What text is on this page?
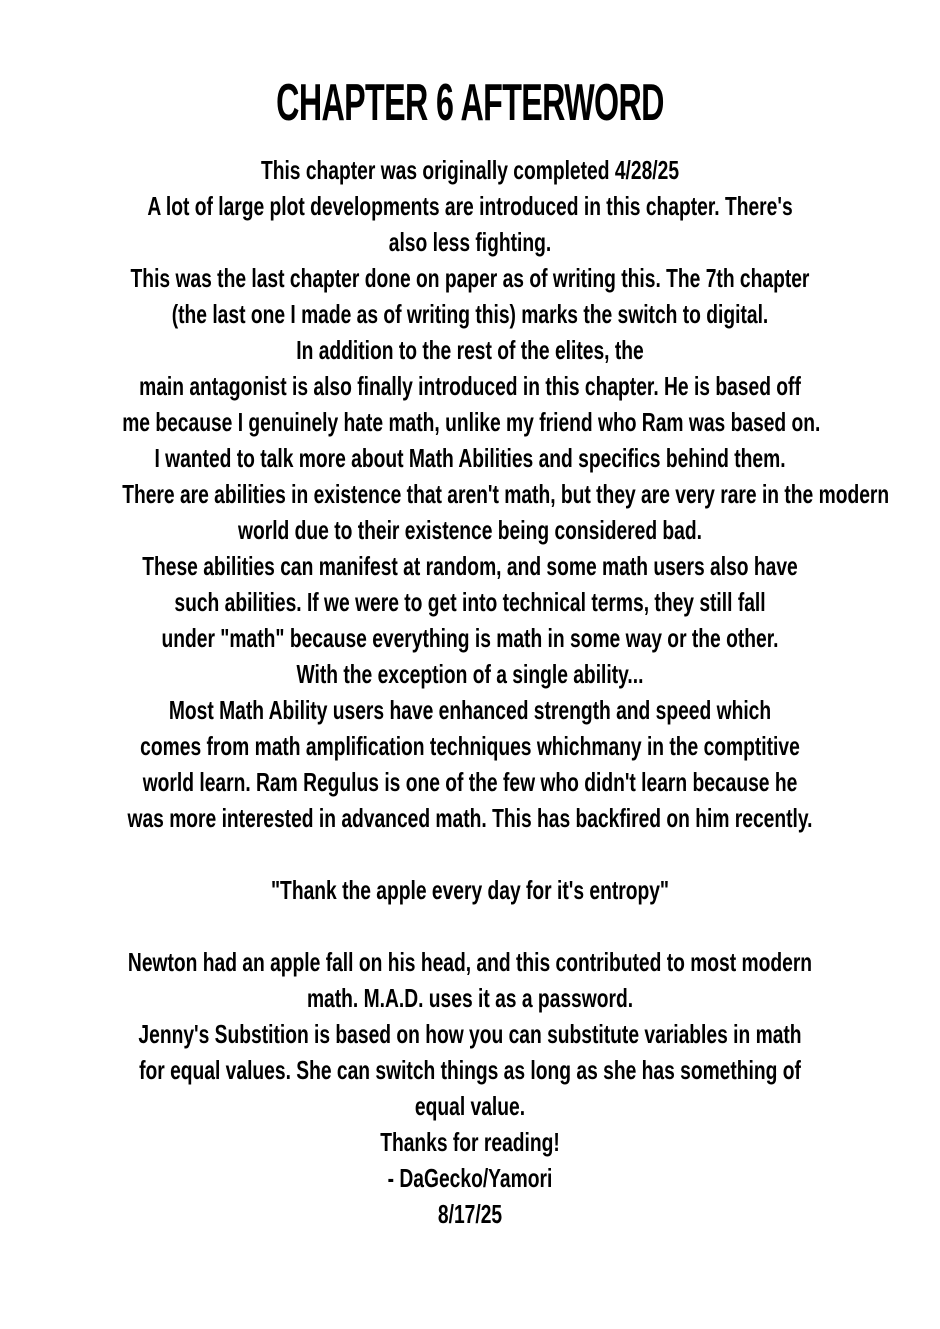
CHAPTER 6 AFTERWORD
This chapter was originally completed 4/28/25
A lot of large plot developments are introduced in this chapter. There's
also less fighting.
This was the last chapter done on paper as of writing this. The 7th chapter
(the last one I made as of writing this) marks the switch to digital.
In addition to the rest of the elites, the
main antagonist is also finally introduced in this chapter. He is based off
me because I genuinely hate math, unlike my friend who Ram was based on.
I wanted to talk more about Math Abilities and specifics behind them.
There are abilities in existence that aren't math, but they are very rare in the modern
world due to their existence being considered bad.
These abilities can manifest at random, and some math users also have
such abilities. If we were to get into technical terms, they still fall
under "math" because everything is math in some way or the other.
With the exception of a single ability...
Most Math Ability users have enhanced strength and speed which
comes from math amplification techniques whichmany in the comptitive
world learn. Ram Regulus is one of the few who didn't learn because he
was more interested in advanced math. This has backfired on him recently.
"Thank the apple every day for it's entropy"
Newton had an apple fall on his head, and this contributed to most modern
math. M.A.D. uses it as a password.
Jenny's Substition is based on how you can substitute variables in math
for equal values. She can switch things as long as she has something of
equal value.
Thanks for reading!
- DaGecko/Yamori
8/17/25
